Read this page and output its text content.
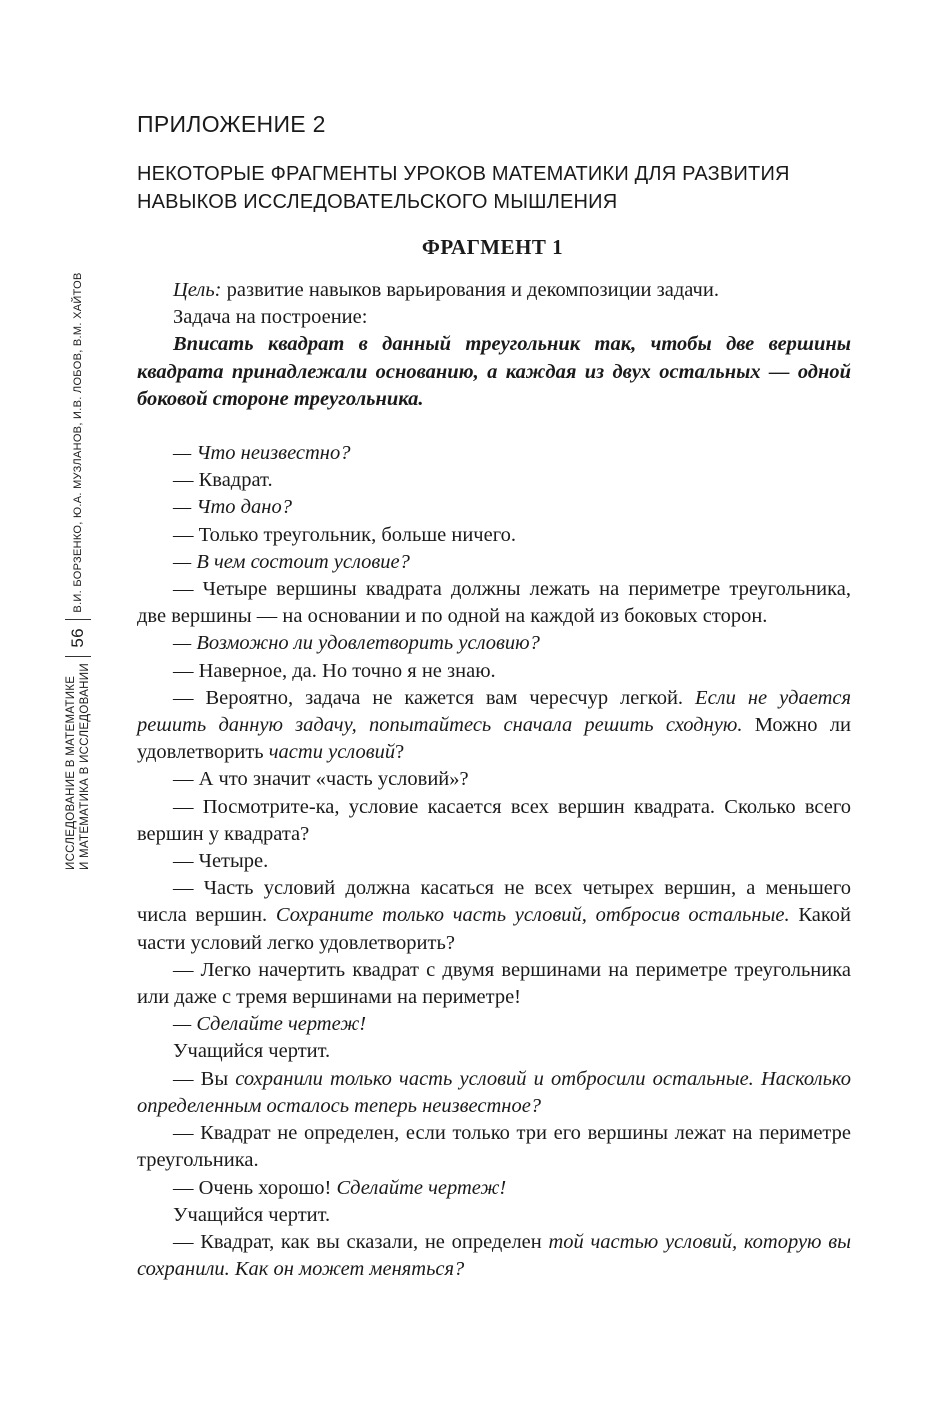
ПРИЛОЖЕНИЕ 2
НЕКОТОРЫЕ ФРАГМЕНТЫ УРОКОВ МАТЕМАТИКИ ДЛЯ РАЗВИТИЯ НАВЫКОВ ИССЛЕДОВАТЕЛЬСКОГО МЫШЛЕНИЯ
ФРАГМЕНТ 1
ИССЛЕДОВАНИЕ В МАТЕМАТИКЕ И МАТЕМАТИКА В ИССЛЕДОВАНИИ
56
В.И. БОРЗЕНКО, Ю.А. МУЗЛАНОВ, И.В. ЛОБОВ, В.М. ХАЙТОВ	Цель: развитие навыков варьирования и декомпозиции задачи.

Задача на построение:

Вписать квадрат в данный треугольник так, чтобы две вершины квадрата принадлежали основанию, а каждая из двух остальных — одной боковой стороне треугольника.

— Что неизвестно?

— Квадрат.

— Что дано?

— Только треугольник, больше ничего.

— В чем состоит условие?

— Четыре вершины квадрата должны лежать на периметре треугольника, две вершины — на основании и по одной на каждой из боковых сторон.

— Возможно ли удовлетворить условию?

— Наверное, да. Но точно я не знаю.

— Вероятно, задача не кажется вам чересчур легкой. Если не удается решить данную задачу, попытайтесь сначала решить сходную. Можно ли удовлетворить части условий?

— А что значит «часть условий»?

— Посмотрите-ка, условие касается всех вершин квадрата. Сколько всего вершин у квадрата?

— Четыре.

— Часть условий должна касаться не всех четырех вершин, а меньшего числа вершин. Сохраните только часть условий, отбросив остальные. Какой части условий легко удовлетворить?

— Легко начертить квадрат с двумя вершинами на периметре треугольника или даже с тремя вершинами на периметре!

— Сделайте чертеж!

Учащийся чертит.

— Вы сохранили только часть условий и отбросили остальные. Насколько определенным осталось теперь неизвестное?

— Квадрат не определен, если только три его вершины лежат на периметре треугольника.

— Очень хорошо! Сделайте чертеж!

Учащийся чертит.

— Квадрат, как вы сказали, не определен той частью условий, которую вы сохранили. Как он может меняться?
